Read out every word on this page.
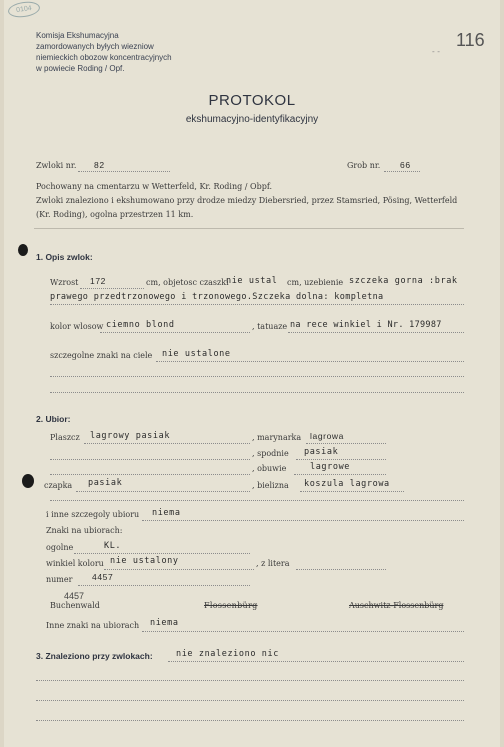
0104
116
- -
Komisja Ekshumacyjna
zamordowanych byłych wiezniow
niemieckich obozow koncentracyjnych
w powiecie Roding / Opf.
PROTOKOL
ekshumacyjno-identyfikacyjny
Zwloki nr. 82	Grob nr. 66
Pochowany na cmentarzu w Wetterfeld, Kr. Roding / Obpf.
Zwloki znaleziono i ekshumowano przy drodze miedzy Diebersried, przez Stamsried, Pösing, Wetterfeld
(Kr. Roding), ogolna przestrzen 11 km.
1. Opis zwlok:
Wzrost 172	cm, objetosc czaszki
nie ustal cm, uzebienie szczeka gorna :brak
prawego przedtrzonowego i trzonowego.Szczeka dolna: kompletna
kolor wlosow ciemno blond	, tatuaze na rece winkiel i Nr. 179987
szczegolne znaki na ciele nie ustalone
2. Ubior:
Plaszcz lagrowy pasiak	, marynarka lagrowa
, spodnie pasiak
, obuwie	lagrowe
czapka pasiak	, bielizna koszula lagrowa
i inne szczegoly ubioru niema
Znaki na ubiorach:
ogolne	KL.
winkiel koloru nie ustalony	, z litera
numer 4457
4457
Buchenwald	Flossenbürg	Auschwitz-Flossenbürg
Inne znaki na ubiorach niema
3. Znaleziono przy zwlokach:	nie znaleziono nic
